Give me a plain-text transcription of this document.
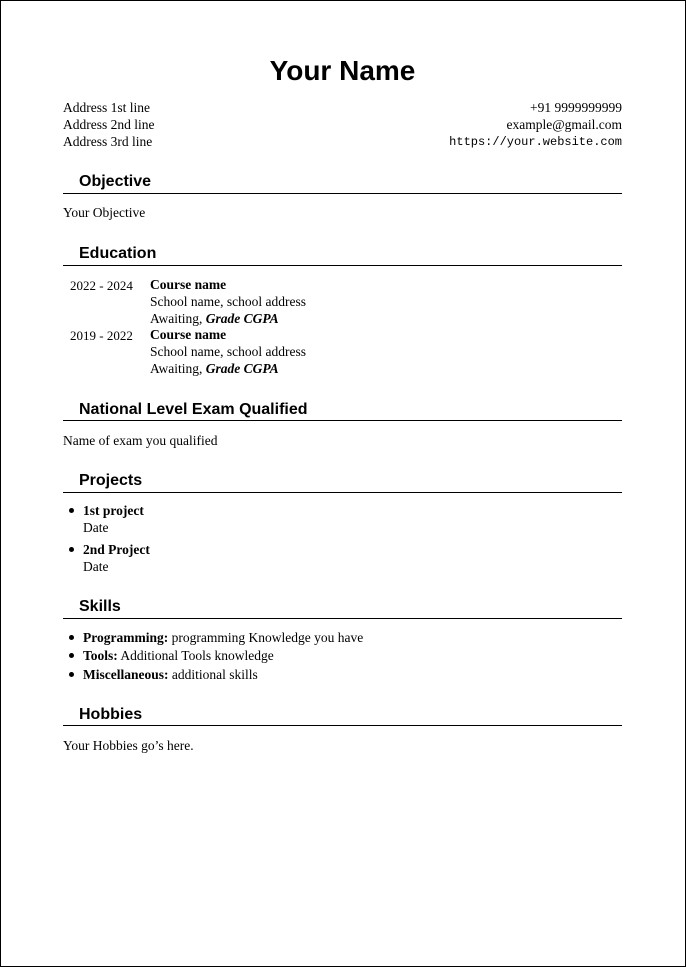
Your Name
Address 1st line
Address 2nd line
Address 3rd line
+91 9999999999
example@gmail.com
https://your.website.com
Objective
Your Objective
Education
2022 - 2024 Course name
School name, school address
Awaiting, Grade CGPA
2019 - 2022 Course name
School name, school address
Awaiting, Grade CGPA
National Level Exam Qualified
Name of exam you qualified
Projects
1st project
Date
2nd Project
Date
Skills
Programming: programming Knowledge you have
Tools: Additional Tools knowledge
Miscellaneous: additional skills
Hobbies
Your Hobbies go’s here.
